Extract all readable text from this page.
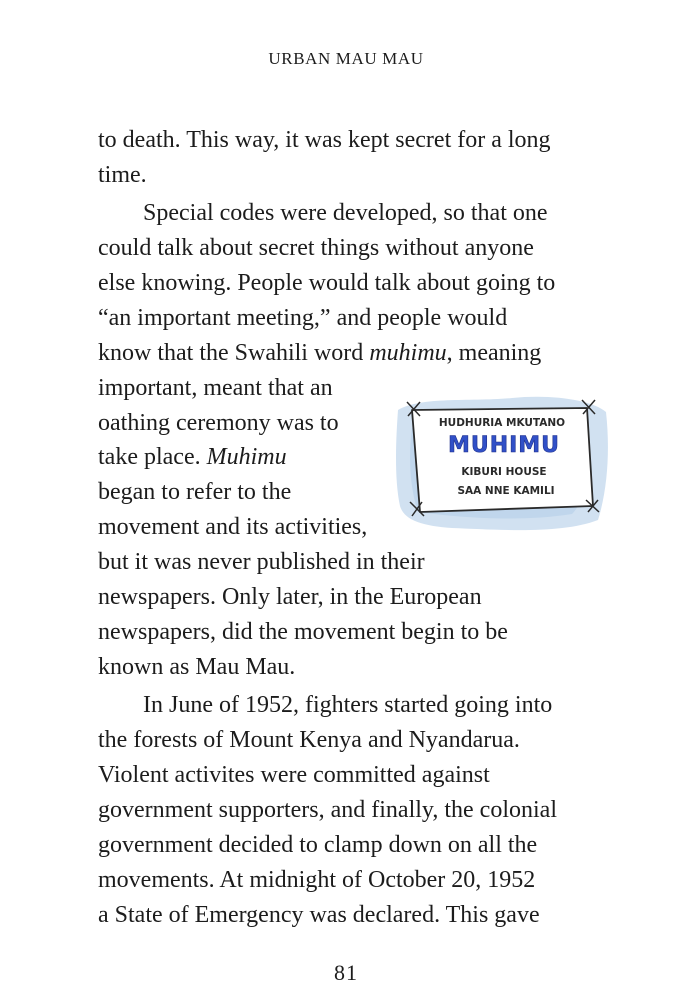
URBAN MAU MAU
to death. This way, it was kept secret for a long
time.
Special codes were developed, so that one
could talk about secret things without anyone
else knowing. People would talk about going to
“an important meeting,” and people would
know that the Swahili word muhimu, meaning
important, meant that an
oathing ceremony was to
take place. Muhimu
began to refer to the
movement and its activities,
but it was never published in their
newspapers. Only later, in the European
newspapers, did the movement begin to be
known as Mau Mau.
In June of 1952, fighters started going into
the forests of Mount Kenya and Nyandarua.
Violent activites were committed against
government supporters, and finally, the colonial
government decided to clamp down on all the
movements. At midnight of October 20, 1952
a State of Emergency was declared. This gave
HUDHURIA MKUTANO
MUHIMU
KIBURI HOUSE
SAA NNE KAMILI
81
